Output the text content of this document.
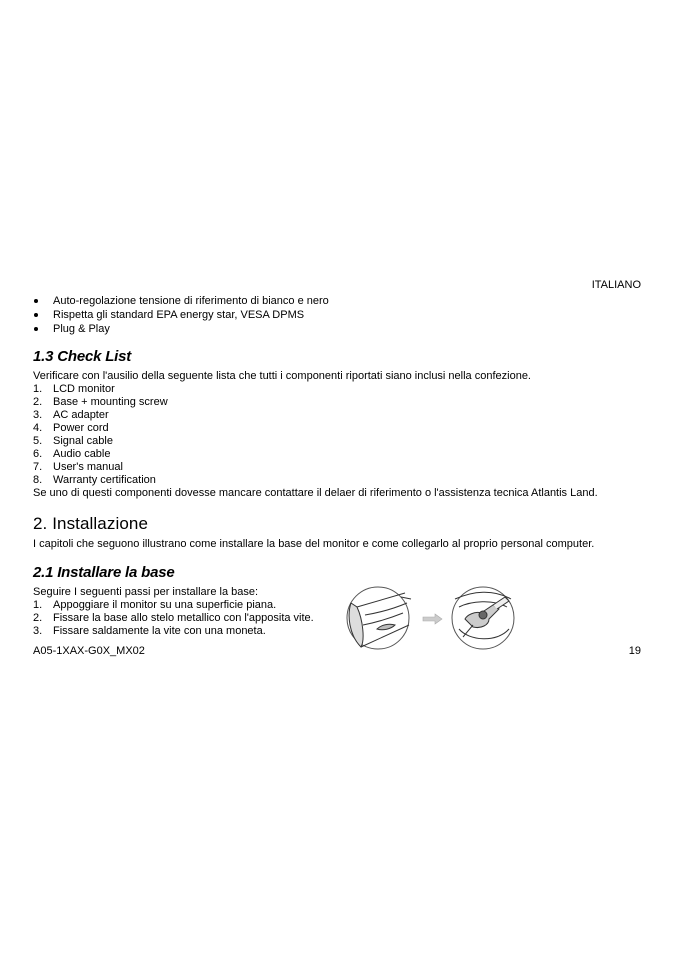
ITALIANO
Auto-regolazione tensione di riferimento di bianco e nero
Rispetta gli standard EPA energy star, VESA DPMS
Plug & Play
1.3 Check List
Verificare con l'ausilio della seguente lista che tutti i componenti riportati siano inclusi nella confezione.
1. LCD monitor
2. Base + mounting screw
3. AC adapter
4. Power cord
5. Signal cable
6. Audio cable
7. User's manual
8. Warranty certification
Se uno di questi componenti dovesse mancare contattare il delaer di riferimento o l'assistenza tecnica Atlantis Land.
2. Installazione
I capitoli che seguono illustrano come installare la base del monitor e come collegarlo al proprio personal computer.
2.1 Installare la base
Seguire I seguenti passi per installare la base:
1. Appoggiare il monitor su una superficie piana.
2. Fissare la base allo stelo metallico con l'apposita vite.
3. Fissare saldamente la vite con una moneta.
A05-1XAX-G0X_MX02	19
